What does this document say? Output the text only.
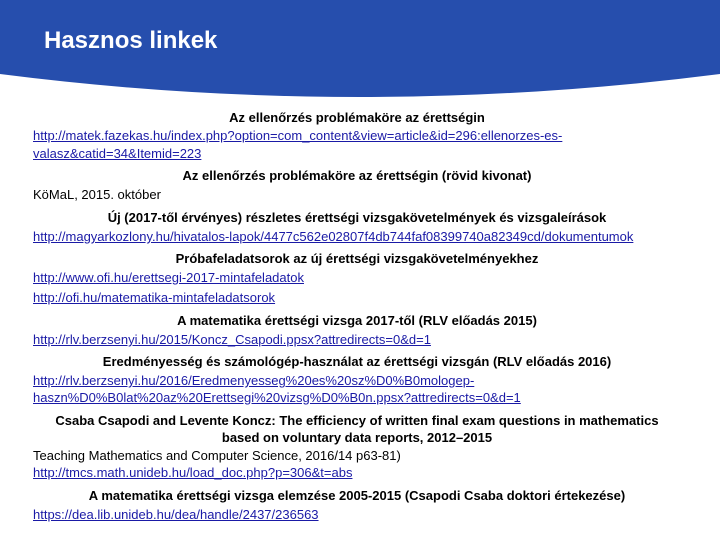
Hasznos linkek
Az ellenőrzés problémaköre az érettségin
http://matek.fazekas.hu/index.php?option=com_content&view=article&id=296:ellenorzes-es-
valasz&catid=34&Itemid=223
Az ellenőrzés problémaköre az érettségin (rövid kivonat)
KöMaL, 2015. október
Új (2017-től érvényes) részletes érettségi vizsgakövetelmények és vizsgaleírások
http://magyarkozlony.hu/hivatalos-lapok/4477c562e02807f4db744faf08399740a82349cd/dokumentumok
Próbafeladatsorok az új érettségi vizsgakövetelményekhez
http://www.ofi.hu/erettsegi-2017-mintafeladatok
http://ofi.hu/matematika-mintafeladatsorok
A matematika érettségi vizsga 2017-től (RLV előadás 2015)
http://rlv.berzsenyi.hu/2015/Koncz_Csapodi.ppsx?attredirects=0&d=1
Eredményesség és számológép-használat az érettségi vizsgán (RLV előadás 2016)
http://rlv.berzsenyi.hu/2016/Eredmenyesseg%20es%20sz%D0%B0mologep-
haszn%D0%B0lat%20az%20Erettsegi%20vizsg%D0%B0n.ppsx?attredirects=0&d=1
Csaba Csapodi and Levente Koncz: The efficiency of written final exam questions in mathematics
based on voluntary data reports, 2012–2015
Teaching Mathematics and Computer Science, 2016/14 p63-81)
http://tmcs.math.unideb.hu/load_doc.php?p=306&t=abs
A matematika érettségi vizsga elemzése 2005-2015 (Csapodi Csaba doktori értekezése)
https://dea.lib.unideb.hu/dea/handle/2437/236563
